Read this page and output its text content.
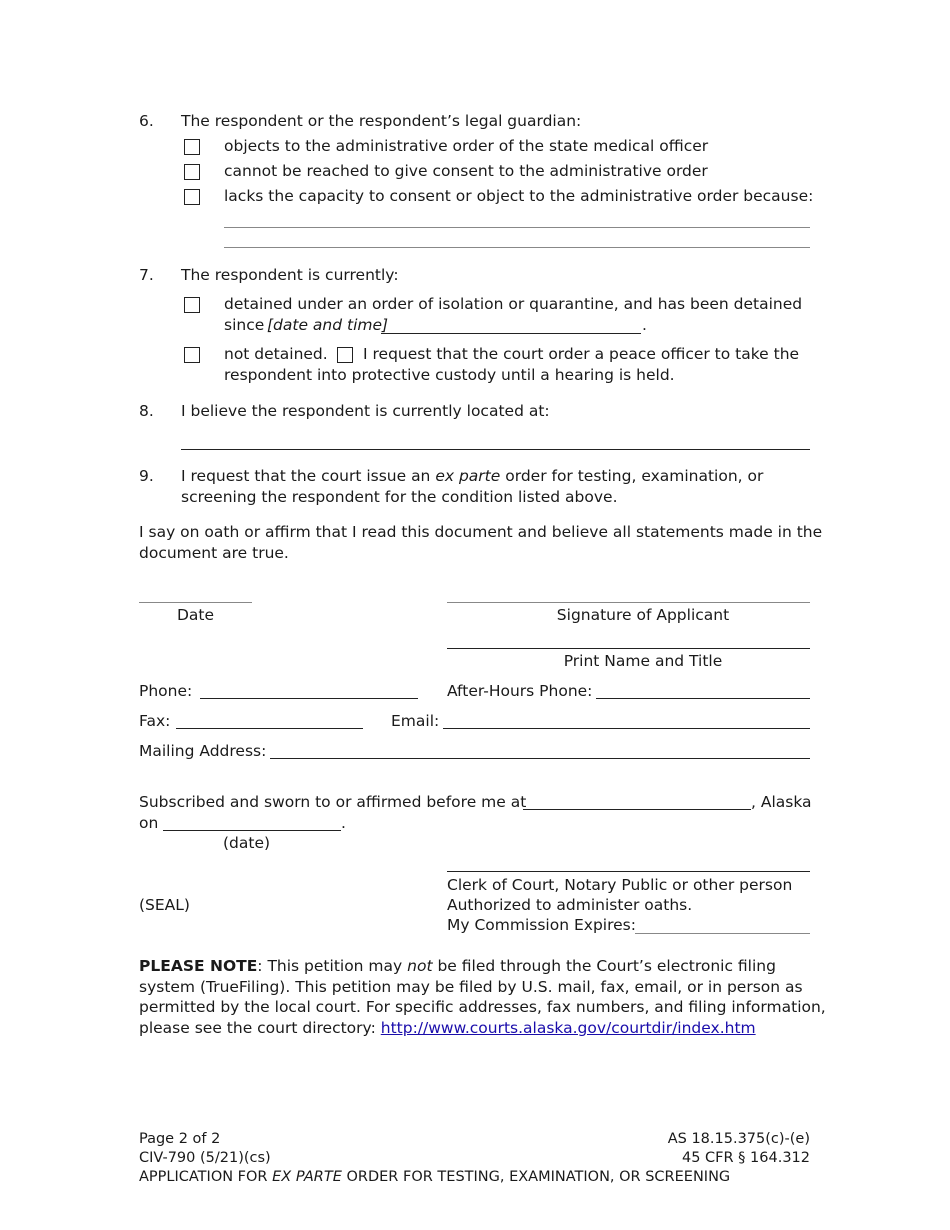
6. The respondent or the respondent’s legal guardian:
objects to the administrative order of the state medical officer
cannot be reached to give consent to the administrative order
lacks the capacity to consent or object to the administrative order because:
7. The respondent is currently:
detained under an order of isolation or quarantine, and has been detained
since [date and time]	.
not detained. I request that the court order a peace officer to take the
respondent into protective custody until a hearing is held.
8. I believe the respondent is currently located at:
9. I request that the court issue an ex parte order for testing, examination, or
screening the respondent for the condition listed above.
I say on oath or affirm that I read this document and believe all statements made in the
document are true.
Date	Signature of Applicant
Print Name and Title
Phone:	After-Hours Phone:
Fax:	Email:
Mailing Address:
Subscribed and sworn to or affirmed before me at	, Alaska
on	.
(date)
Clerk of Court, Notary Public or other person
(SEAL)	Authorized to administer oaths.
My Commission Expires:
PLEASE NOTE: This petition may not be filed through the Court’s electronic filing
system (TrueFiling). This petition may be filed by U.S. mail, fax, email, or in person as
permitted by the local court. For specific addresses, fax numbers, and filing information,
please see the court directory: http://www.courts.alaska.gov/courtdir/index.htm
Page 2 of 2
CIV-790 (5/21)(cs)
APPLICATION FOR EX PARTE ORDER FOR TESTING, EXAMINATION, OR SCREENING
AS 18.15.375(c)-(e)
45 CFR § 164.312
